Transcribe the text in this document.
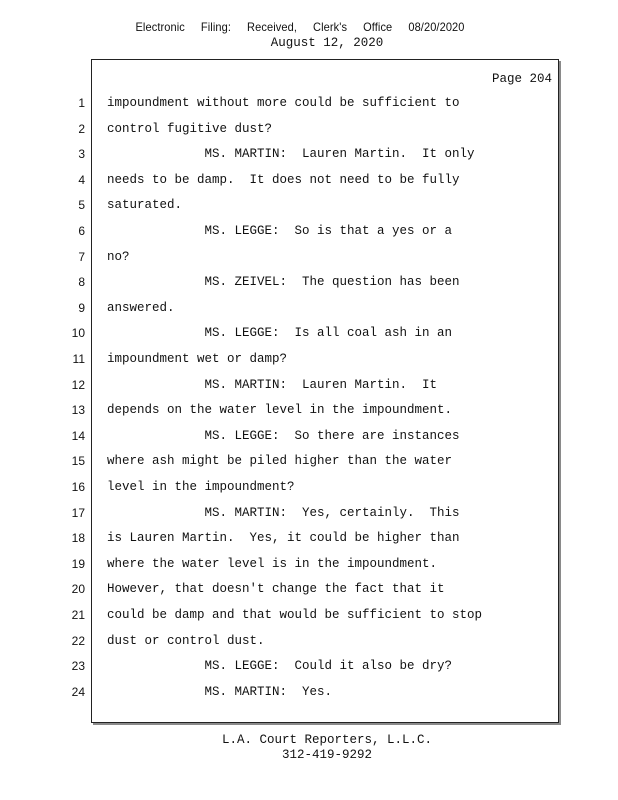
Electronic Filing: Received, Clerk's Office 08/20/2020
August 12, 2020
Page 204
1 impoundment without more could be sufficient to
2 control fugitive dust?
3 MS. MARTIN:  Lauren Martin.  It only
4 needs to be damp.  It does not need to be fully
5 saturated.
6 MS. LEGGE:  So is that a yes or a
7 no?
8 MS. ZEIVEL:  The question has been
9 answered.
10 MS. LEGGE:  Is all coal ash in an
11 impoundment wet or damp?
12 MS. MARTIN:  Lauren Martin.  It
13 depends on the water level in the impoundment.
14 MS. LEGGE:  So there are instances
15 where ash might be piled higher than the water
16 level in the impoundment?
17 MS. MARTIN:  Yes, certainly.  This
18 is Lauren Martin.  Yes, it could be higher than
19 where the water level is in the impoundment.
20 However, that doesn't change the fact that it
21 could be damp and that would be sufficient to stop
22 dust or control dust.
23 MS. LEGGE:  Could it also be dry?
24 MS. MARTIN:  Yes.
L.A. Court Reporters, L.L.C.
312-419-9292
